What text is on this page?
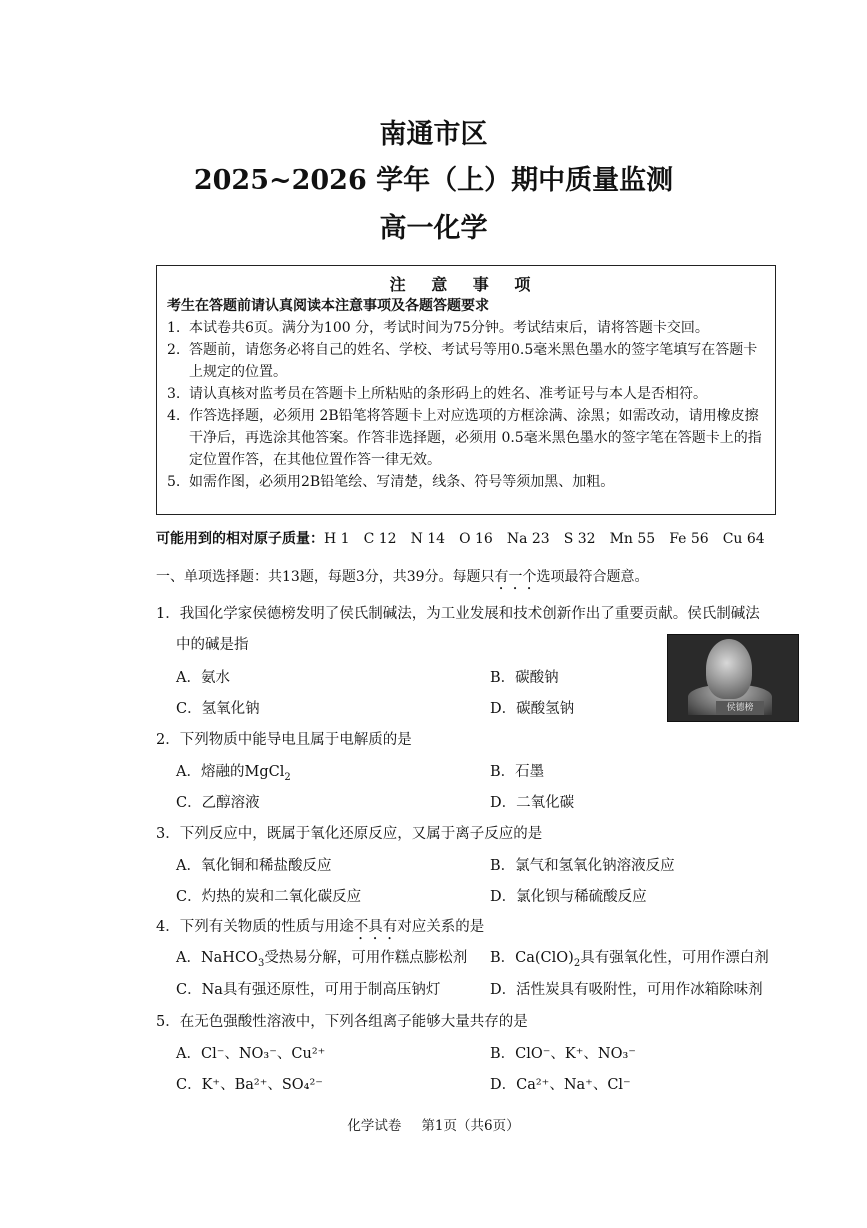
南通市区
2025~2026 学年（上）期中质量监测
高一化学
注 意 事 项
考生在答题前请认真阅读本注意事项及各题答题要求
1. 本试卷共6页。满分为100 分，考试时间为75分钟。考试结束后，请将答题卡交回。
2. 答题前，请您务必将自己的姓名、学校、考试号等用0.5毫米黑色墨水的签字笔填写在答题卡上规定的位置。
3. 请认真核对监考员在答题卡上所粘贴的条形码上的姓名、准考证号与本人是否相符。
4. 作答选择题，必须用 2B铅笔将答题卡上对应选项的方框涂满、涂黑；如需改动，请用橡皮擦干净后，再选涂其他答案。作答非选择题，必须用 0.5毫米黑色墨水的签字笔在答题卡上的指定位置作答，在其他位置作答一律无效。
5. 如需作图，必须用2B铅笔绘、写清楚，线条、符号等须加黑、加粗。
可能用到的相对原子质量：H 1 C 12 N 14 O 16 Na 23 S 32 Mn 55 Fe 56 Cu 64
一、单项选择题：共13题，每题3分，共39分。每题只有一个选项最符合题意。
1．我国化学家侯德榜发明了侯氏制碱法，为工业发展和技术创新作出了重要贡献。侯氏制碱法
中的碱是指
A．氨水	B．碳酸钠
C．氢氧化钠	D．碳酸氢钠	侯德榜
2．下列物质中能导电且属于电解质的是
A．熔融的MgCl$_2$	B．石墨
C．乙醇溶液	D．二氧化碳
3．下列反应中，既属于氧化还原反应，又属于离子反应的是
A．氧化铜和稀盐酸反应	B．氯气和氢氧化钠溶液反应
C．灼热的炭和二氧化碳反应	D．氯化钡与稀硫酸反应
4．下列有关物质的性质与用途不具有对应关系的是
A．NaHCO$_3$受热易分解，可用作糕点膨松剂 B．$Ca(ClO)_2$具有强氧化性，可用作漂白剂
C．Na具有强还原性，可用于制高压钠灯	D．活性炭具有吸附性，可用作冰箱除味剂
5．在无色强酸性溶液中，下列各组离子能够大量共存的是
A．Cl⁻、NO₃⁻、Cu²⁺	B．ClO⁻、K⁺、NO₃⁻
C．K⁺、Ba²⁺、SO₄²⁻	D．Ca²⁺、Na⁺、Cl⁻
化学试卷 第1页（共6页）
